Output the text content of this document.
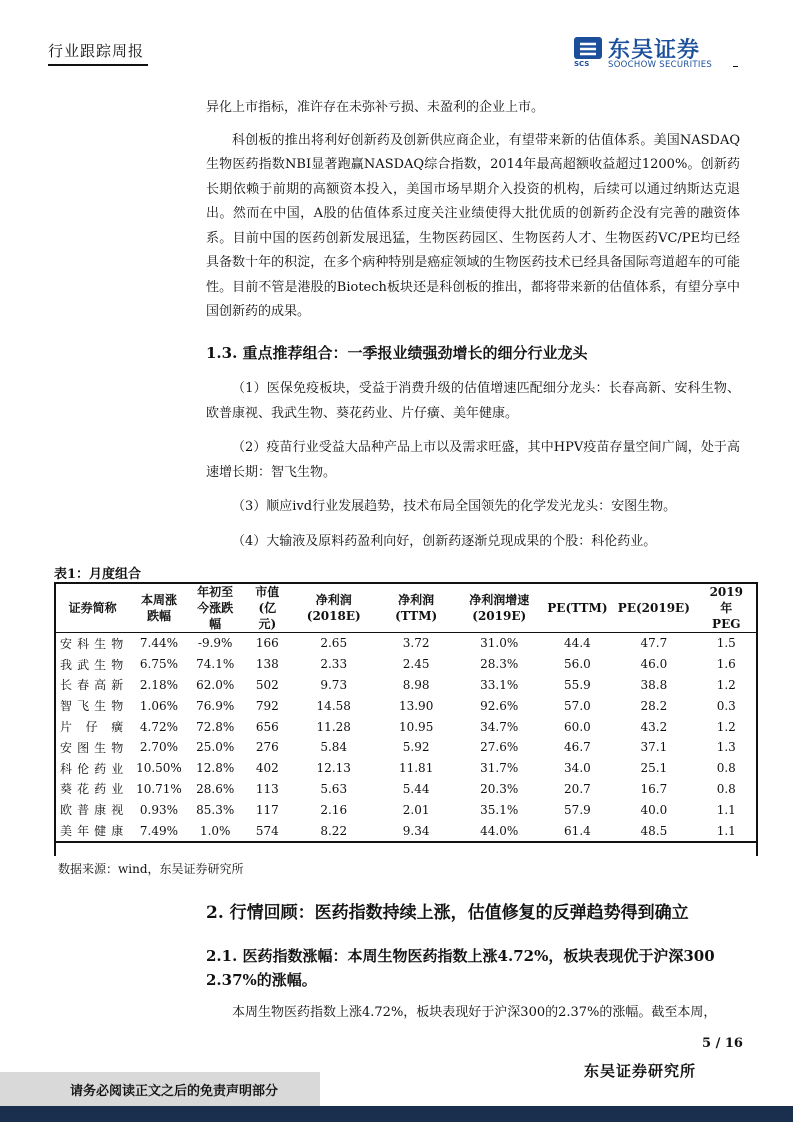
行业跟踪周报
SCS
东吴证券
SOOCHOW SECURITIES

异化上市指标，准许存在未弥补亏损、未盈利的企业上市。

科创板的推出将利好创新药及创新供应商企业，有望带来新的估值体系。美国NASDAQ生物医药指数NBI显著跑赢NASDAQ综合指数，2014年最高超额收益超过1200%。创新药长期依赖于前期的高额资本投入，美国市场早期介入投资的机构，后续可以通过纳斯达克退出。然而在中国，A股的估值体系过度关注业绩使得大批优质的创新药企没有完善的融资体系。目前中国的医药创新发展迅猛，生物医药园区、生物医药人才、生物医药VC/PE均已经具备数十年的积淀，在多个病种特别是癌症领域的生物医药技术已经具备国际弯道超车的可能性。目前不管是港股的Biotech板块还是科创板的推出，都将带来新的估值体系，有望分享中国创新药的成果。

1.3. 重点推荐组合：一季报业绩强劲增长的细分行业龙头

（1）医保免疫板块，受益于消费升级的估值增速匹配细分龙头：长春高新、安科生物、欧普康视、我武生物、葵花药业、片仔癀、美年健康。

（2）疫苗行业受益大品种产品上市以及需求旺盛，其中HPV疫苗存量空间广阔，处于高速增长期：智飞生物。

（3）顺应ivd行业发展趋势，技术布局全国领先的化学发光龙头：安图生物。

（4）大输液及原料药盈利向好，创新药逐渐兑现成果的个股：科伦药业。

表1：月度组合
证券简称	本周涨跌幅	年初至今涨跌幅	市值(亿元)	净利润(2018E)	净利润(TTM)	净利润增速(2019E)	PE(TTM)	PE(2019E)	2019年PEG
安科生物	7.44%	-9.9%	166	2.65	3.72	31.0%	44.4	47.7	1.5
我武生物	6.75%	74.1%	138	2.33	2.45	28.3%	56.0	46.0	1.6
长春高新	2.18%	62.0%	502	9.73	8.98	33.1%	55.9	38.8	1.2
智飞生物	1.06%	76.9%	792	14.58	13.90	92.6%	57.0	28.2	0.3
片仔癀	4.72%	72.8%	656	11.28	10.95	34.7%	60.0	43.2	1.2
安图生物	2.70%	25.0%	276	5.84	5.92	27.6%	46.7	37.1	1.3
科伦药业	10.50%	12.8%	402	12.13	11.81	31.7%	34.0	25.1	0.8
葵花药业	10.71%	28.6%	113	5.63	5.44	20.3%	20.7	16.7	0.8
欧普康视	0.93%	85.3%	117	2.16	2.01	35.1%	57.9	40.0	1.1
美年健康	7.49%	1.0%	574	8.22	9.34	44.0%	61.4	48.5	1.1
数据来源：wind，东吴证券研究所
2. 行情回顾：医药指数持续上涨，估值修复的反弹趋势得到确立
2.1. 医药指数涨幅：本周生物医药指数上涨4.72%，板块表现优于沪深300 2.37%的涨幅。
本周生物医药指数上涨4.72%，板块表现好于沪深300的2.37%的涨幅。截至本周，
5 / 16
东吴证券研究所
请务必阅读正文之后的免责声明部分
